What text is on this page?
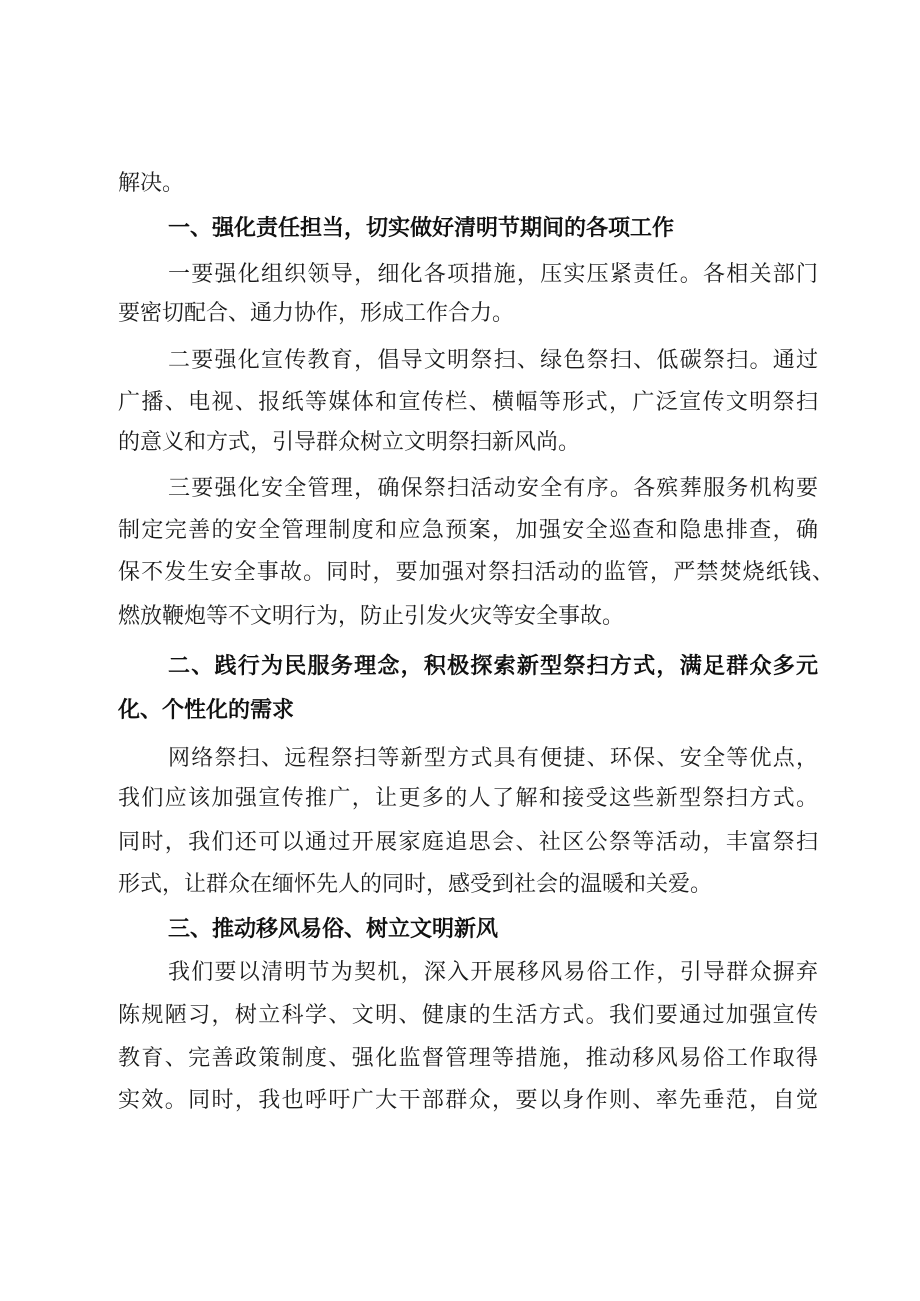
解决。
一、强化责任担当，切实做好清明节期间的各项工作
一要强化组织领导，细化各项措施，压实压紧责任。各相关部门
要密切配合、通力协作，形成工作合力。
二要强化宣传教育，倡导文明祭扫、绿色祭扫、低碳祭扫。通过
广播、电视、报纸等媒体和宣传栏、横幅等形式，广泛宣传文明祭扫
的意义和方式，引导群众树立文明祭扫新风尚。
三要强化安全管理，确保祭扫活动安全有序。各殡葬服务机构要
制定完善的安全管理制度和应急预案，加强安全巡查和隐患排查，确
保不发生安全事故。同时，要加强对祭扫活动的监管，严禁焚烧纸钱、
燃放鞭炮等不文明行为，防止引发火灾等安全事故。
二、践行为民服务理念，积极探索新型祭扫方式，满足群众多元
化、个性化的需求
网络祭扫、远程祭扫等新型方式具有便捷、环保、安全等优点，
我们应该加强宣传推广，让更多的人了解和接受这些新型祭扫方式。
同时，我们还可以通过开展家庭追思会、社区公祭等活动，丰富祭扫
形式，让群众在缅怀先人的同时，感受到社会的温暖和关爱。
三、推动移风易俗、树立文明新风
我们要以清明节为契机，深入开展移风易俗工作，引导群众摒弃
陈规陋习，树立科学、文明、健康的生活方式。我们要通过加强宣传
教育、完善政策制度、强化监督管理等措施，推动移风易俗工作取得
实效。同时，我也呼吁广大干部群众，要以身作则、率先垂范，自觉
